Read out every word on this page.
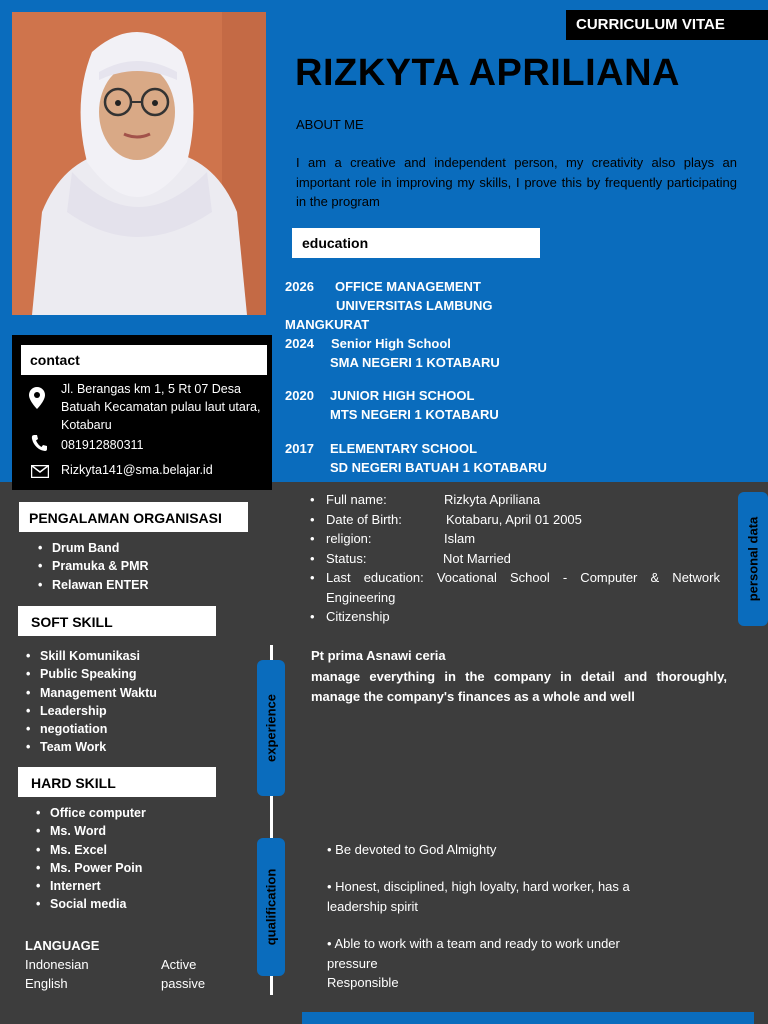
CURRICULUM VITAE
RIZKYTA APRILIANA
ABOUT ME
I am a creative and independent person, my creativity also plays an important role in improving my skills, I prove this by frequently participating in the program
education
2026 OFFICE MANAGEMENT
UNIVERSITAS LAMBUNG
MANGKURAT
2024 Senior High School
SMA NEGERI 1 KOTABARU
2020 JUNIOR HIGH SCHOOL
MTS NEGERI 1 KOTABARU
2017 ELEMENTARY SCHOOL
SD NEGERI BATUAH 1 KOTABARU
contact
Jl. Berangas km 1, 5 Rt 07 Desa Batuah Kecamatan pulau laut utara, Kotabaru
081912880311
Rizkyta141@sma.belajar.id
PENGALAMAN ORGANISASI
• Drum Band
• Pramuka & PMR
• Relawan ENTER
SOFT SKILL
• Skill Komunikasi
• Public Speaking
• Management Waktu
• Leadership
• negotiation
• Team Work
HARD SKILL
• Office computer
• Ms. Word
• Ms. Excel
• Ms. Power Poin
• Internert
• Social media
LANGUAGE
Indonesian	Active
English	passive
experience
qualification
personal data
• Full name:	Rizkyta Apriliana
• Date of Birth:	Kotabaru, April 01 2005
• religion:	Islam
• Status:	Not Married
• Last education: Vocational School - Computer & Network Engineering
• Citizenship
Pt prima Asnawi ceria
manage everything in the company in detail and thoroughly, manage the company's finances as a whole and well
• Be devoted to God Almighty
• Honest, disciplined, high loyalty, hard worker, has a leadership spirit
• Able to work with a team and ready to work under pressure
Responsible
